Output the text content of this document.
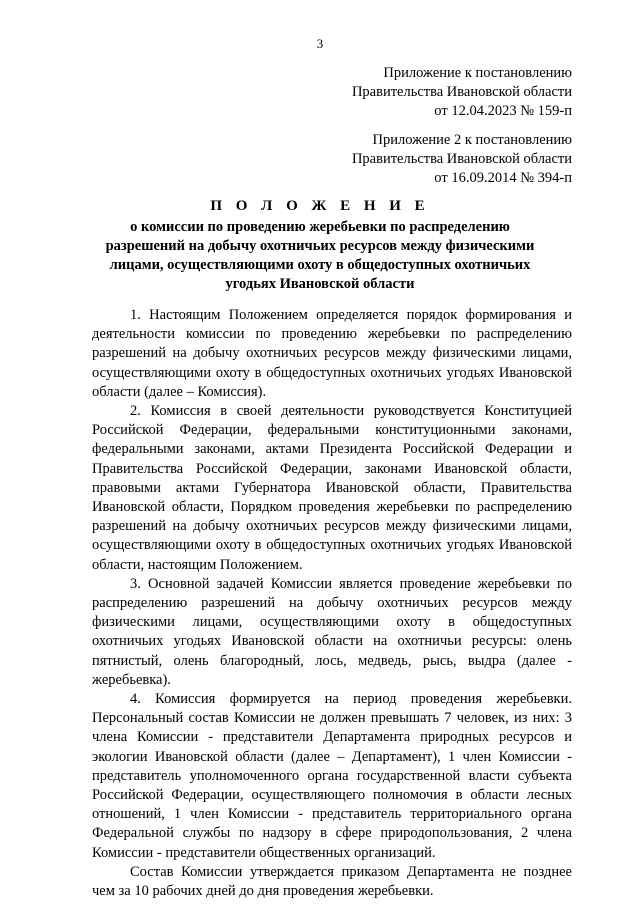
3
Приложение к постановлению
Правительства Ивановской области
от 12.04.2023 № 159-п
Приложение 2 к постановлению
Правительства Ивановской области
от 16.09.2014 № 394-п
П О Л О Ж Е Н И Е
о комиссии по проведению жеребьевки по распределению
разрешений на добычу охотничьих ресурсов между физическими
лицами, осуществляющими охоту в общедоступных охотничьих
угодьях Ивановской области

1. Настоящим Положением определяется порядок формирования и деятельности комиссии по проведению жеребьевки по распределению разрешений на добычу охотничьих ресурсов между физическими лицами, осуществляющими охоту в общедоступных охотничьих угодьях Ивановской области (далее – Комиссия).

2. Комиссия в своей деятельности руководствуется Конституцией Российской Федерации, федеральными конституционными законами, федеральными законами, актами Президента Российской Федерации и Правительства Российской Федерации, законами Ивановской области, правовыми актами Губернатора Ивановской области, Правительства Ивановской области, Порядком проведения жеребьевки по распределению разрешений на добычу охотничьих ресурсов между физическими лицами, осуществляющими охоту в общедоступных охотничьих угодьях Ивановской области, настоящим Положением.

3. Основной задачей Комиссии является проведение жеребьевки по распределению разрешений на добычу охотничьих ресурсов между физическими лицами, осуществляющими охоту в общедоступных охотничьих угодьях Ивановской области на охотничьи ресурсы: олень пятнистый, олень благородный, лось, медведь, рысь, выдра (далее - жеребьевка).

4. Комиссия формируется на период проведения жеребьевки. Персональный состав Комиссии не должен превышать 7 человек, из них: 3 члена Комиссии - представители Департамента природных ресурсов и экологии Ивановской области (далее – Департамент), 1 член Комиссии - представитель уполномоченного органа государственной власти субъекта Российской Федерации, осуществляющего полномочия в области лесных отношений, 1 член Комиссии - представитель территориального органа Федеральной службы по надзору в сфере природопользования, 2 члена Комиссии - представители общественных организаций.

Состав Комиссии утверждается приказом Департамента не позднее чем за 10 рабочих дней до дня проведения жеребьевки.
